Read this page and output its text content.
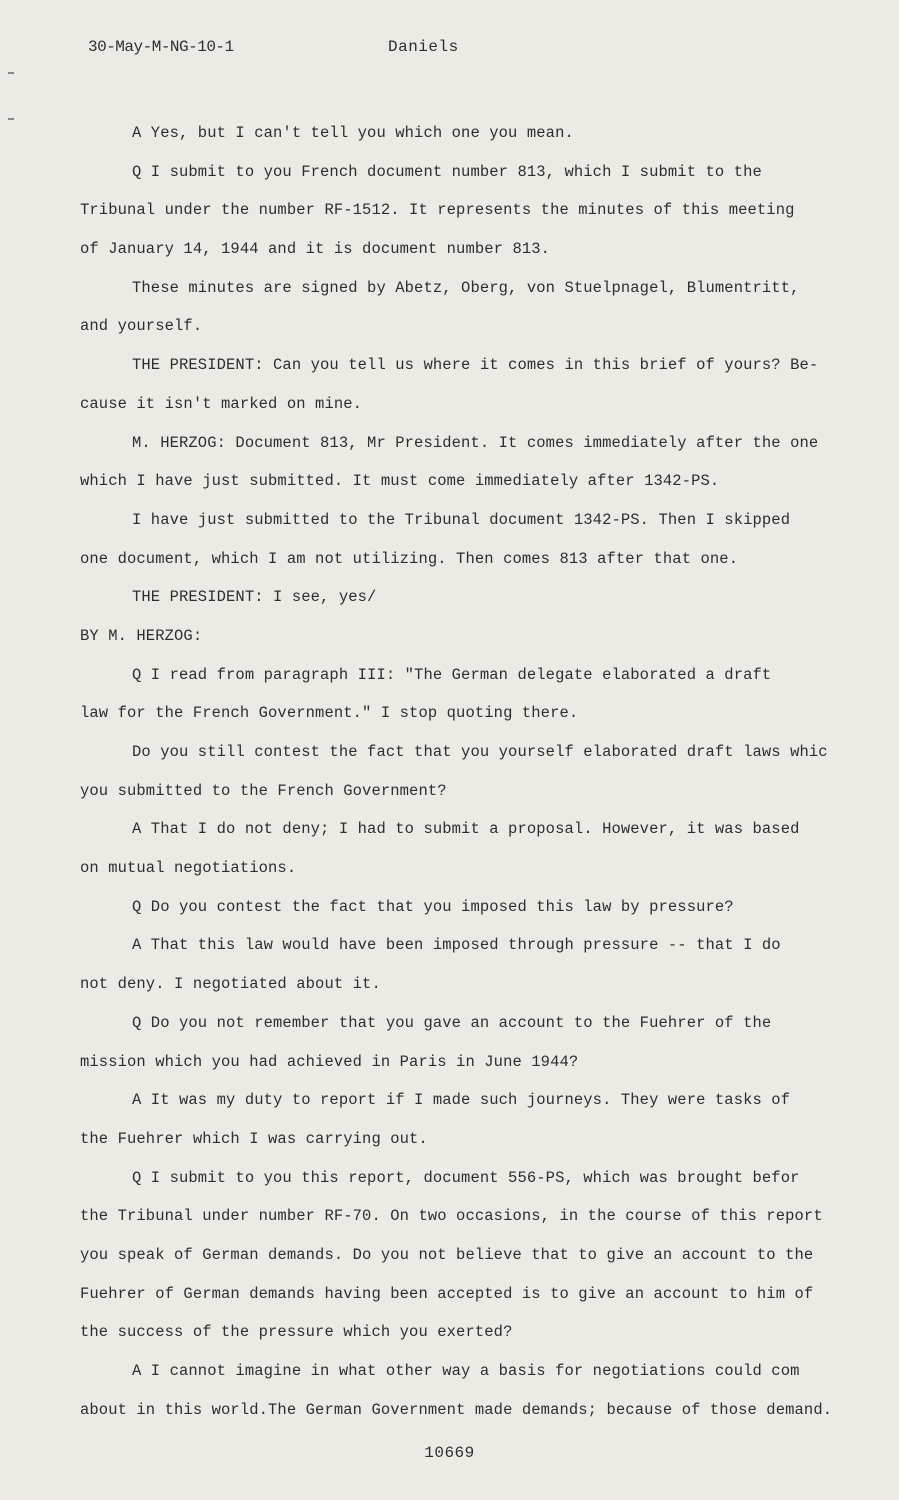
30-May-M-NG-10-1	Daniels
A Yes, but I can't tell you which one you mean.
Q I submit to you French document number 813, which I submit to the
Tribunal under the number RF-1512. It represents the minutes of this meeting
of January 14, 1944 and it is document number 813.
These minutes are signed by Abetz, Oberg, von Stuelpnagel, Blumentritt,
and yourself.
THE PRESIDENT: Can you tell us where it comes in this brief of yours? Be-
cause it isn't marked on mine.
M. HERZOG: Document 813, Mr President. It comes immediately after the one
which I have just submitted. It must come immediately after 1342-PS.
I have just submitted to the Tribunal document 1342-PS. Then I skipped
one document, which I am not utilizing. Then comes 813 after that one.
THE PRESIDENT: I see, yes/
BY M. HERZOG:
Q I read from paragraph III: "The German delegate elaborated a draft
law for the French Government." I stop quoting there.
Do you still contest the fact that you yourself elaborated draft laws whic
you submitted to the French Government?
A That I do not deny; I had to submit a proposal. However, it was based
on mutual negotiations.
Q Do you contest the fact that you imposed this law by pressure?
A That this law would have been imposed through pressure -- that I do
not deny. I negotiated about it.
Q Do you not remember that you gave an account to the Fuehrer of the
mission which you had achieved in Paris in June 1944?
A It was my duty to report if I made such journeys. They were tasks of
the Fuehrer which I was carrying out.
Q I submit to you this report, document 556-PS, which was brought befor
the Tribunal under number RF-70. On two occasions, in the course of this report
you speak of German demands. Do you not believe that to give an account to the
Fuehrer of German demands having been accepted is to give an account to him of
the success of the pressure which you exerted?
A I cannot imagine in what other way a basis for negotiations could com
about in this world.The German Government made demands; because of those demand.
10669
